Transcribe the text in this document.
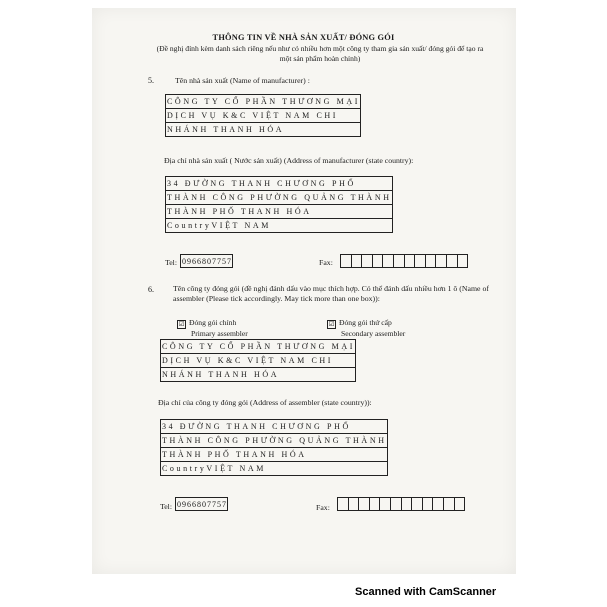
THÔNG TIN VỀ NHÀ SẢN XUẤT/ ĐÓNG GÓI
(Đề nghị đính kèm danh sách riêng nếu như có nhiều hơn một công ty tham gia sản xuất/ đóng gói để tạo ra một sản phẩm hoàn chỉnh)
5.	Tên nhà sản xuất (Name of manufacturer) :
CÔNG TY CỔ PHẦN THƯƠNG MẠI
DỊCH VỤ K&C VIỆT NAM CHI
NHÁNH THANH HÓA
Địa chỉ nhà sản xuất ( Nước sản xuất) (Address of manufacturer (state country):
34 ĐƯỜNG THANH CHƯƠNG PHỐ
THÀNH CÔNG PHƯỜNG QUẢNG THÀNH
THÀNH PHỐ THANH HÓA
CountryVIỆT NAM
Tel: 0966807757	Fax:

6. Tên công ty đóng gói (đề nghị đánh dấu vào mục thích hợp. Có thể đánh dấu nhiều hơn 1 ô (Name of assembler (Please tick accordingly. May tick more than one box)):
☑ Đóng gói chính
Primary assembler
☑ Đóng gói thứ cấp
Secondary assembler
CÔNG TY CỔ PHẦN THƯƠNG MẠI
DỊCH VỤ K&C VIỆT NAM CHI
NHÁNH THANH HÓA
Địa chỉ của công ty đóng gói (Address of assembler (state country)):
34 ĐƯỜNG THANH CHƯƠNG PHỐ
THÀNH CÔNG PHƯỜNG QUẢNG THÀNH
THÀNH PHỐ THANH HÓA
CountryVIỆT NAM
Tel: 0966807757	Fax:

Scanned with CamScanner
